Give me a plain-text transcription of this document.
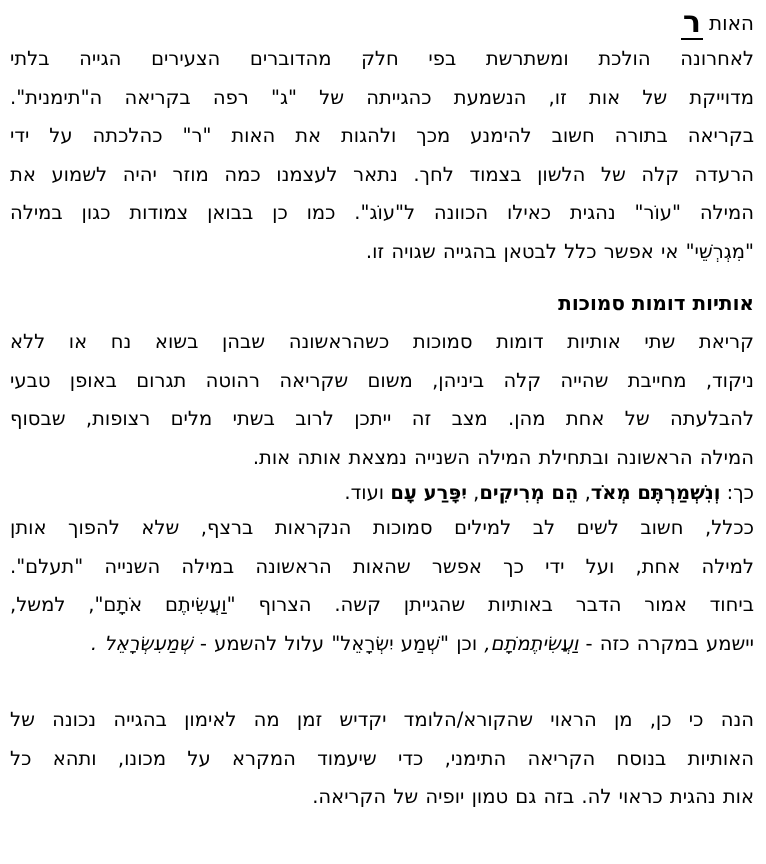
האות
ר
לאחרונה הולכת ומשתרשת בפי חלק מהדוברים הצעירים הגייה בלתי
מדוייקת של אות זו, הנשמעת כהגייתה של "ג" רפה בקריאה ה"תימנית".
בקריאה בתורה חשוב להימנע מכך ולהגות את האות "ר" כהלכתה על ידי
הרעדה קלה של הלשון בצמוד לחך. נתאר לעצמנו כמה מוזר יהיה לשמוע את
המילה "עוֹר" נהגית כאילו הכוונה ל"עוֹג". כמו כן בבואן צמודות כגון במילה
"מִגְרְשֵׁי" אי אפשר כלל לבטאן בהגייה שגויה זו.
אותיות דומות סמוכות
קריאת שתי אותיות דומות סמוכות כשהראשונה שבהן בשוא נח או ללא
ניקוד, מחייבת שהייה קלה ביניהן, משום שקריאה רהוטה תגרום באופן טבעי
להבלעתה של אחת מהן. מצב זה ייתכן לרוב בשתי מלים רצופות, שבסוף
המילה הראשונה ובתחילת המילה השנייה נמצאת אותה אות.
כך: וְנִשְׁמַרְתֶּם מְאֹד, הֵם מְרִיקִים, יִפָּרַע עָם ועוד.
ככלל, חשוב לשים לב למילים סמוכות הנקראות ברצף, שלא להפוך אותן
למילה אחת, ועל ידי כך אפשר שהאות הראשונה במילה השנייה "תעלם".
ביחוד אמור הדבר באותיות שהגייתן קשה. הצרוף "וַעֲשִׂיתֶם אֹתָם", למשל,
יישמע במקרה כזה - וַעֲשִׂיתֶמֹתָם, וכן "שְׁמַע יִשְׂרָאֵל" עלול להשמע - שְׁמַעִשְׂרָאֵל .
הנה כי כן, מן הראוי שהקורא/הלומד יקדיש זמן מה לאימון בהגייה נכונה של
האותיות בנוסח הקריאה התימני, כדי שיעמוד המקרא על מכונו, ותהא כל
אות נהגית כראוי לה. בזה גם טמון יופיה של הקריאה.
